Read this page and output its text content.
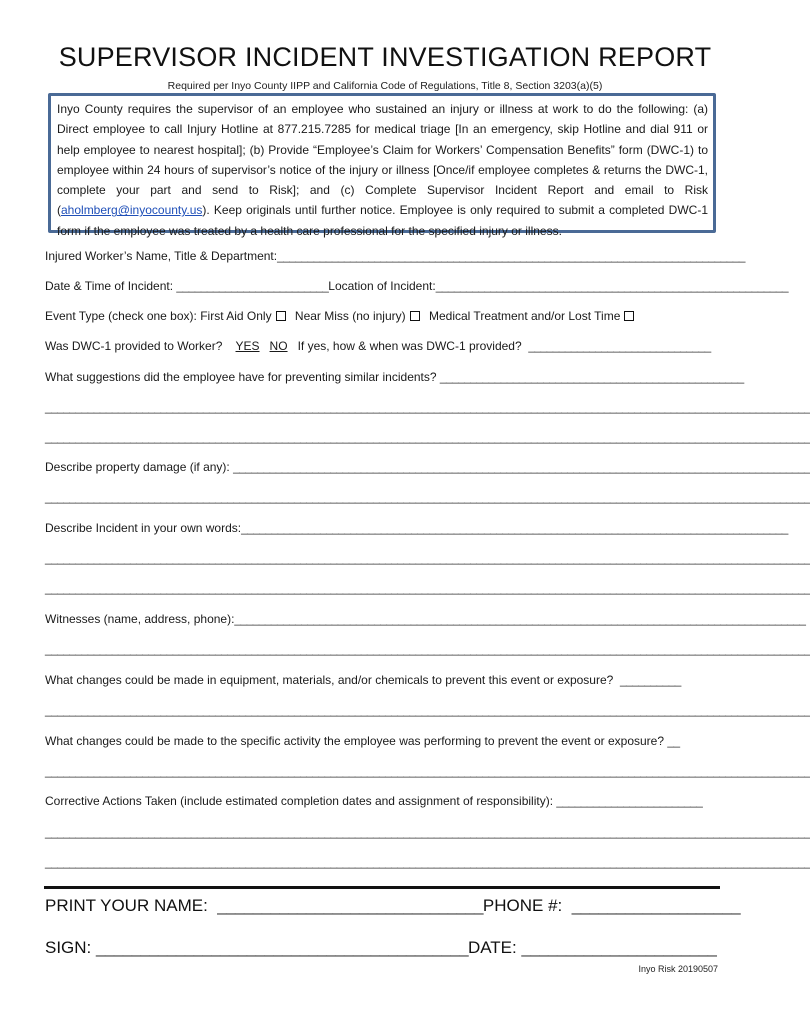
SUPERVISOR INCIDENT INVESTIGATION REPORT
Required per Inyo County IIPP and California Code of Regulations, Title 8, Section 3203(a)(5)
Inyo County requires the supervisor of an employee who sustained an injury or illness at work to do the following: (a) Direct employee to call Injury Hotline at 877.215.7285 for medical triage [In an emergency, skip Hotline and dial 911 or help employee to nearest hospital]; (b) Provide “Employee’s Claim for Workers’ Compensation Benefits” form (DWC-1) to employee within 24 hours of supervisor’s notice of the injury or illness [Once/if employee completes & returns the DWC-1, complete your part and send to Risk]; and (c) Complete Supervisor Incident Report and email to Risk (aholmberg@inyocounty.us). Keep originals until further notice. Employee is only required to submit a completed DWC-1 form if the employee was treated by a health care professional for the specified injury or illness.
Injured Worker’s Name, Title & Department:_____________________________________________________________________________
Date & Time of Incident: _________________________Location of Incident:__________________________________________________________
Event Type (check one box): First Aid Only Near Miss (no injury) Medical Treatment and/or Lost Time
Was DWC-1 provided to Worker? YES NO If yes, how & when was DWC-1 provided? ______________________________
What suggestions did the employee have for preventing similar incidents? __________________________________________________
______________________________________________________________________________________________________________________________
______________________________________________________________________________________________________________________________
Describe property damage (if any): _______________________________________________________________________________________________
______________________________________________________________________________________________________________________________
Describe Incident in your own words:__________________________________________________________________________________________
______________________________________________________________________________________________________________________________
______________________________________________________________________________________________________________________________
Witnesses (name, address, phone):______________________________________________________________________________________________
______________________________________________________________________________________________________________________________
What changes could be made in equipment, materials, and/or chemicals to prevent this event or exposure? __________
______________________________________________________________________________________________________________________________
What changes could be made to the specific activity the employee was performing to prevent the event or exposure? __
______________________________________________________________________________________________________________________________
Corrective Actions Taken (include estimated completion dates and assignment of responsibility): ________________________
______________________________________________________________________________________________________________________________
______________________________________________________________________________________________________________________________
PRINT YOUR NAME: ______________________________PHONE #: ___________________
SIGN: __________________________________________DATE: ______________________
Inyo Risk 20190507
